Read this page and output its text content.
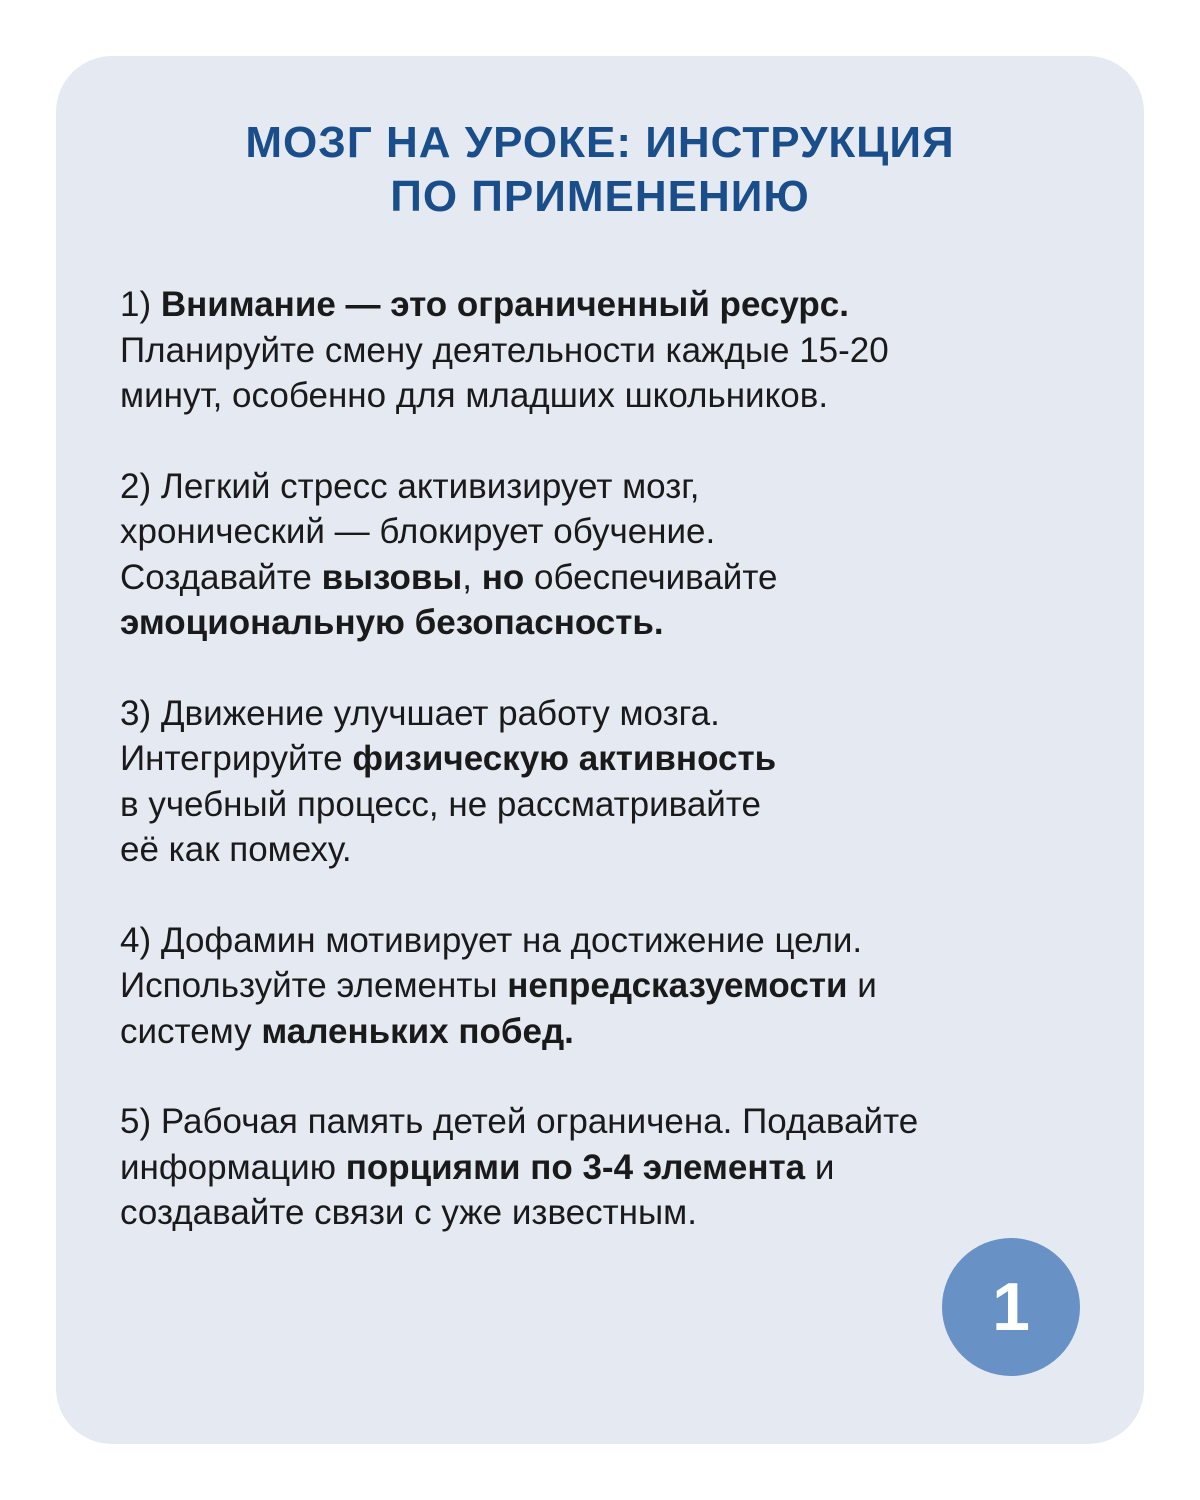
МОЗГ НА УРОКЕ: ИНСТРУКЦИЯ
ПО ПРИМЕНЕНИЮ

1) Внимание — это ограниченный ресурс.
Планируйте смену деятельности каждые 15-20
минут, особенно для младших школьников.

2) Легкий стресс активизирует мозг,
хронический — блокирует обучение.
Создавайте вызовы, но обеспечивайте
эмоциональную безопасность.

3) Движение улучшает работу мозга.
Интегрируйте физическую активность
в учебный процесс, не рассматривайте
её как помеху.

4) Дофамин мотивирует на достижение цели.
Используйте элементы непредсказуемости и
систему маленьких побед.

5) Рабочая память детей ограничена. Подавайте
информацию порциями по 3-4 элемента и
создавайте связи с уже известным.

1
